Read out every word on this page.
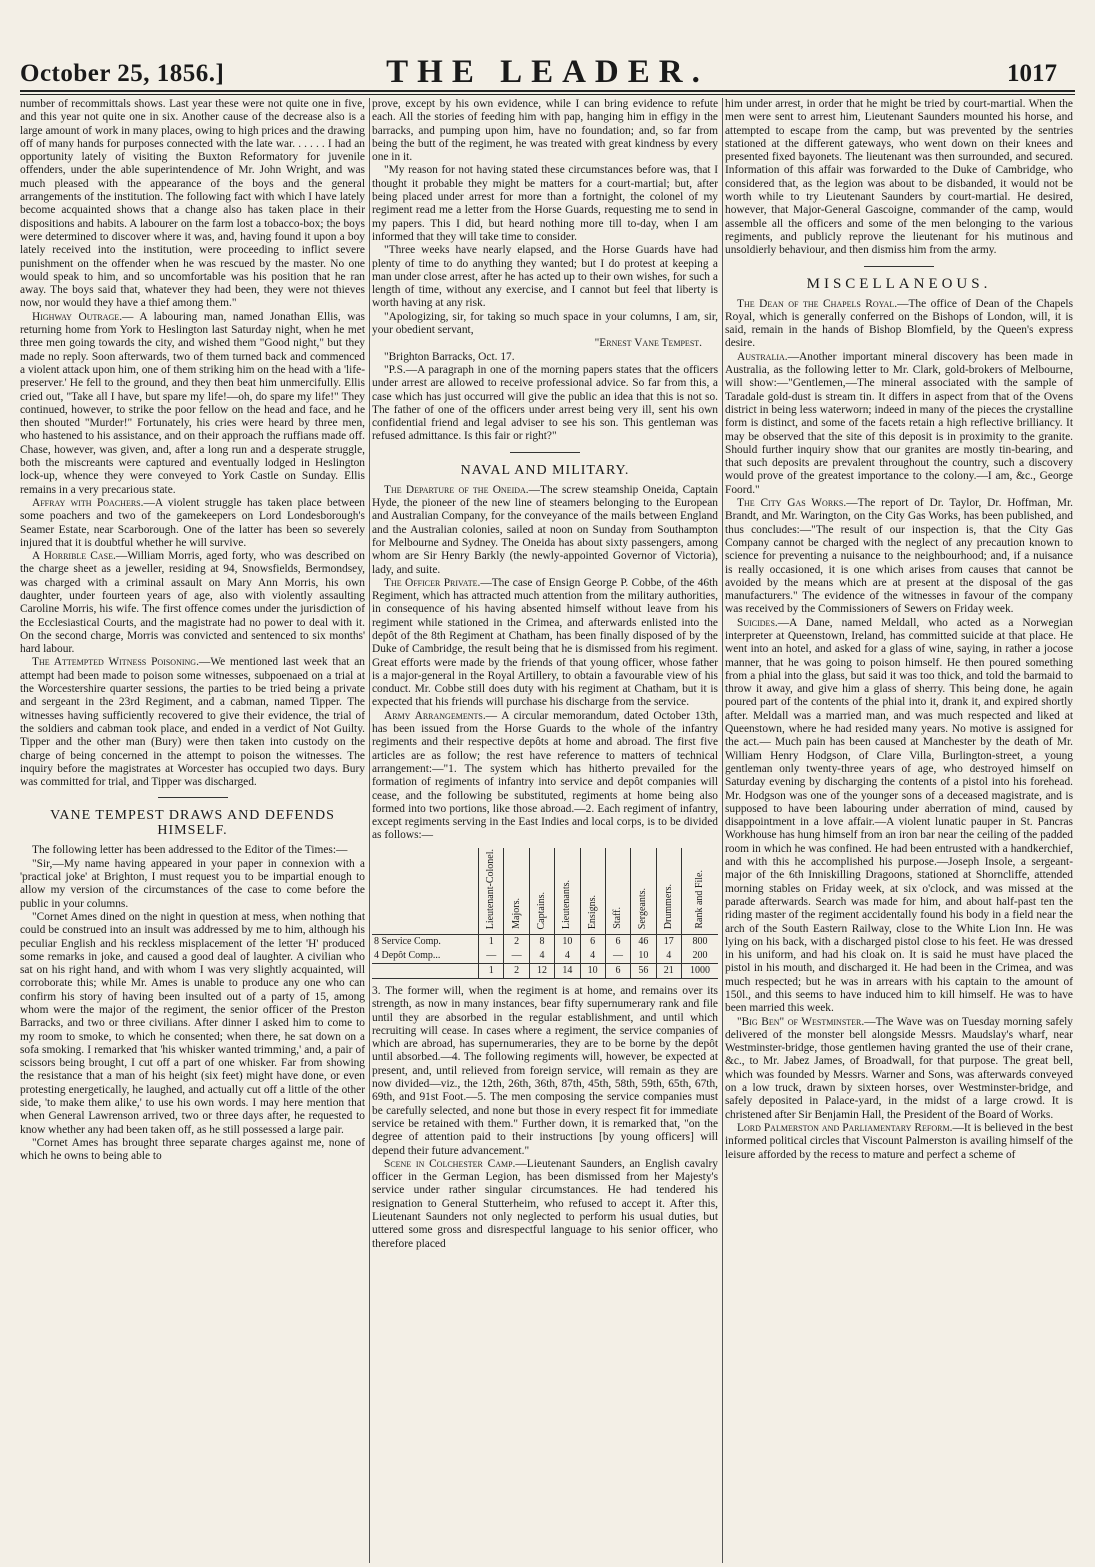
October 25, 1856.]	THE LEADER.	1017

number of recommittals shows. Last year these were not quite one in five, and this year not quite one in six. Another cause of the decrease also is a large amount of work in many places, owing to high prices and the drawing off of many hands for purposes connected with the late war. . . . . . I had an opportunity lately of visiting the Buxton Reformatory for juvenile offenders, under the able superintendence of Mr. John Wright, and was much pleased with the appearance of the boys and the general arrangements of the institution. The following fact with which I have lately become acquainted shows that a change also has taken place in their dispositions and habits. A labourer on the farm lost a tobacco-box; the boys were determined to discover where it was, and, having found it upon a boy lately received into the institution, were proceeding to inflict severe punishment on the offender when he was rescued by the master. No one would speak to him, and so uncomfortable was his position that he ran away. The boys said that, whatever they had been, they were not thieves now, nor would they have a thief among them."

Highway Outrage.— A labouring man, named Jonathan Ellis, was returning home from York to Heslington last Saturday night, when he met three men going towards the city, and wished them "Good night," but they made no reply. Soon afterwards, two of them turned back and commenced a violent attack upon him, one of them striking him on the head with a 'life-preserver.' He fell to the ground, and they then beat him unmercifully. Ellis cried out, "Take all I have, but spare my life!—oh, do spare my life!" They continued, however, to strike the poor fellow on the head and face, and he then shouted "Murder!" Fortunately, his cries were heard by three men, who hastened to his assistance, and on their approach the ruffians made off. Chase, however, was given, and, after a long run and a desperate struggle, both the miscreants were captured and eventually lodged in Heslington lock-up, whence they were conveyed to York Castle on Sunday. Ellis remains in a very precarious state.

Affray with Poachers.—A violent struggle has taken place between some poachers and two of the gamekeepers on Lord Londesborough's Seamer Estate, near Scarborough. One of the latter has been so severely injured that it is doubtful whether he will survive.

A Horrible Case.—William Morris, aged forty, who was described on the charge sheet as a jeweller, residing at 94, Snowsfields, Bermondsey, was charged with a criminal assault on Mary Ann Morris, his own daughter, under fourteen years of age, also with violently assaulting Caroline Morris, his wife. The first offence comes under the jurisdiction of the Ecclesiastical Courts, and the magistrate had no power to deal with it. On the second charge, Morris was convicted and sentenced to six months' hard labour.

The Attempted Witness Poisoning.—We mentioned last week that an attempt had been made to poison some witnesses, subpoenaed on a trial at the Worcestershire quarter sessions, the parties to be tried being a private and sergeant in the 23rd Regiment, and a cabman, named Tipper. The witnesses having sufficiently recovered to give their evidence, the trial of the soldiers and cabman took place, and ended in a verdict of Not Guilty. Tipper and the other man (Bury) were then taken into custody on the charge of being concerned in the attempt to poison the witnesses. The inquiry before the magistrates at Worcester has occupied two days. Bury was committed for trial, and Tipper was discharged.

VANE TEMPEST DRAWS AND DEFENDS HIMSELF.

The following letter has been addressed to the Editor of the Times:—

"Sir,—My name having appeared in your paper in connexion with a 'practical joke' at Brighton, I must request you to be impartial enough to allow my version of the circumstances of the case to come before the public in your columns.

"Cornet Ames dined on the night in question at mess, when nothing that could be construed into an insult was addressed by me to him, although his peculiar English and his reckless misplacement of the letter 'H' produced some remarks in joke, and caused a good deal of laughter. A civilian who sat on his right hand, and with whom I was very slightly acquainted, will corroborate this; while Mr. Ames is unable to produce any one who can confirm his story of having been insulted out of a party of 15, among whom were the major of the regiment, the senior officer of the Preston Barracks, and two or three civilians. After dinner I asked him to come to my room to smoke, to which he consented; when there, he sat down on a sofa smoking. I remarked that 'his whisker wanted trimming,' and, a pair of scissors being brought, I cut off a part of one whisker. Far from showing the resistance that a man of his height (six feet) might have done, or even protesting energetically, he laughed, and actually cut off a little of the other side, 'to make them alike,' to use his own words. I may here mention that when General Lawrenson arrived, two or three days after, he requested to know whether any had been taken off, as he still possessed a large pair.

"Cornet Ames has brought three separate charges against me, none of which he owns to being able to

prove, except by his own evidence, while I can bring evidence to refute each. All the stories of feeding him with pap, hanging him in effigy in the barracks, and pumping upon him, have no foundation; and, so far from being the butt of the regiment, he was treated with great kindness by every one in it.

"My reason for not having stated these circumstances before was, that I thought it probable they might be matters for a court-martial; but, after being placed under arrest for more than a fortnight, the colonel of my regiment read me a letter from the Horse Guards, requesting me to send in my papers. This I did, but heard nothing more till to-day, when I am informed that they will take time to consider.

"Three weeks have nearly elapsed, and the Horse Guards have had plenty of time to do anything they wanted; but I do protest at keeping a man under close arrest, after he has acted up to their own wishes, for such a length of time, without any exercise, and I cannot but feel that liberty is worth having at any risk.

"Apologizing, sir, for taking so much space in your columns, I am, sir, your obedient servant,

"Ernest Vane Tempest.

"Brighton Barracks, Oct. 17.

"P.S.—A paragraph in one of the morning papers states that the officers under arrest are allowed to receive professional advice. So far from this, a case which has just occurred will give the public an idea that this is not so. The father of one of the officers under arrest being very ill, sent his own confidential friend and legal adviser to see his son. This gentleman was refused admittance. Is this fair or right?"

NAVAL AND MILITARY.

The Departure of the Oneida.—The screw steamship Oneida, Captain Hyde, the pioneer of the new line of steamers belonging to the European and Australian Company, for the conveyance of the mails between England and the Australian colonies, sailed at noon on Sunday from Southampton for Melbourne and Sydney. The Oneida has about sixty passengers, among whom are Sir Henry Barkly (the newly-appointed Governor of Victoria), lady, and suite.

The Officer Private.—The case of Ensign George P. Cobbe, of the 46th Regiment, which has attracted much attention from the military authorities, in consequence of his having absented himself without leave from his regiment while stationed in the Crimea, and afterwards enlisted into the depôt of the 8th Regiment at Chatham, has been finally disposed of by the Duke of Cambridge, the result being that he is dismissed from his regiment. Great efforts were made by the friends of that young officer, whose father is a major-general in the Royal Artillery, to obtain a favourable view of his conduct. Mr. Cobbe still does duty with his regiment at Chatham, but it is expected that his friends will purchase his discharge from the service.

Army Arrangements.— A circular memorandum, dated October 13th, has been issued from the Horse Guards to the whole of the infantry regiments and their respective depôts at home and abroad. The first five articles are as follow; the rest have reference to matters of technical arrangement:—"1. The system which has hitherto prevailed for the formation of regiments of infantry into service and depôt companies will cease, and the following be substituted, regiments at home being also formed into two portions, like those abroad.—2. Each regiment of infantry, except regiments serving in the East Indies and local corps, is to be divided as follows:—

	Lieutenant-Colonel.	Majors.	Captains.	Lieutenants.	Ensigns.	Staff.	Sergeants.	Drummers.	Rank and File.
8 Service Comp.	1	2	8	10	6	6	46	17	800
4 Depôt Comp...	—	—	4	4	4	—	10	4	200
	1	2	12	14	10	6	56	21	1000

3. The former will, when the regiment is at home, and remains over its strength, as now in many instances, bear fifty supernumerary rank and file until they are absorbed in the regular establishment, and until which recruiting will cease. In cases where a regiment, the service companies of which are abroad, has supernumeraries, they are to be borne by the depôt until absorbed.—4. The following regiments will, however, be expected at present, and, until relieved from foreign service, will remain as they are now divided—viz., the 12th, 26th, 36th, 87th, 45th, 58th, 59th, 65th, 67th, 69th, and 91st Foot.—5. The men composing the service companies must be carefully selected, and none but those in every respect fit for immediate service be retained with them." Further down, it is remarked that, "on the degree of attention paid to their instructions [by young officers] will depend their future advancement."

Scene in Colchester Camp.—Lieutenant Saunders, an English cavalry officer in the German Legion, has been dismissed from her Majesty's service under rather singular circumstances. He had tendered his resignation to General Stutterheim, who refused to accept it. After this, Lieutenant Saunders not only neglected to perform his usual duties, but uttered some gross and disrespectful language to his senior officer, who therefore placed

him under arrest, in order that he might be tried by court-martial. When the men were sent to arrest him, Lieutenant Saunders mounted his horse, and attempted to escape from the camp, but was prevented by the sentries stationed at the different gateways, who went down on their knees and presented fixed bayonets. The lieutenant was then surrounded, and secured. Information of this affair was forwarded to the Duke of Cambridge, who considered that, as the legion was about to be disbanded, it would not be worth while to try Lieutenant Saunders by court-martial. He desired, however, that Major-General Gascoigne, commander of the camp, would assemble all the officers and some of the men belonging to the various regiments, and publicly reprove the lieutenant for his mutinous and unsoldierly behaviour, and then dismiss him from the army.

MISCELLANEOUS.

The Dean of the Chapels Royal.—The office of Dean of the Chapels Royal, which is generally conferred on the Bishops of London, will, it is said, remain in the hands of Bishop Blomfield, by the Queen's express desire.

Australia.—Another important mineral discovery has been made in Australia, as the following letter to Mr. Clark, gold-brokers of Melbourne, will show:—"Gentlemen,—The mineral associated with the sample of Taradale gold-dust is stream tin. It differs in aspect from that of the Ovens district in being less waterworn; indeed in many of the pieces the crystalline form is distinct, and some of the facets retain a high reflective brilliancy. It may be observed that the site of this deposit is in proximity to the granite. Should further inquiry show that our granites are mostly tin-bearing, and that such deposits are prevalent throughout the country, such a discovery would prove of the greatest importance to the colony.—I am, &c., George Foord."

The City Gas Works.—The report of Dr. Taylor, Dr. Hoffman, Mr. Brandt, and Mr. Warington, on the City Gas Works, has been published, and thus concludes:—"The result of our inspection is, that the City Gas Company cannot be charged with the neglect of any precaution known to science for preventing a nuisance to the neighbourhood; and, if a nuisance is really occasioned, it is one which arises from causes that cannot be avoided by the means which are at present at the disposal of the gas manufacturers." The evidence of the witnesses in favour of the company was received by the Commissioners of Sewers on Friday week.

Suicides.—A Dane, named Meldall, who acted as a Norwegian interpreter at Queenstown, Ireland, has committed suicide at that place. He went into an hotel, and asked for a glass of wine, saying, in rather a jocose manner, that he was going to poison himself. He then poured something from a phial into the glass, but said it was too thick, and told the barmaid to throw it away, and give him a glass of sherry. This being done, he again poured part of the contents of the phial into it, drank it, and expired shortly after. Meldall was a married man, and was much respected and liked at Queenstown, where he had resided many years. No motive is assigned for the act.— Much pain has been caused at Manchester by the death of Mr. William Henry Hodgson, of Clare Villa, Burlington-street, a young gentleman only twenty-three years of age, who destroyed himself on Saturday evening by discharging the contents of a pistol into his forehead. Mr. Hodgson was one of the younger sons of a deceased magistrate, and is supposed to have been labouring under aberration of mind, caused by disappointment in a love affair.—A violent lunatic pauper in St. Pancras Workhouse has hung himself from an iron bar near the ceiling of the padded room in which he was confined. He had been entrusted with a handkerchief, and with this he accomplished his purpose.—Joseph Insole, a sergeant-major of the 6th Inniskilling Dragoons, stationed at Shorncliffe, attended morning stables on Friday week, at six o'clock, and was missed at the parade afterwards. Search was made for him, and about half-past ten the riding master of the regiment accidentally found his body in a field near the arch of the South Eastern Railway, close to the White Lion Inn. He was lying on his back, with a discharged pistol close to his feet. He was dressed in his uniform, and had his cloak on. It is said he must have placed the pistol in his mouth, and discharged it. He had been in the Crimea, and was much respected; but he was in arrears with his captain to the amount of 150l., and this seems to have induced him to kill himself. He was to have been married this week.

"Big Ben" of Westminster.—The Wave was on Tuesday morning safely delivered of the monster bell alongside Messrs. Maudslay's wharf, near Westminster-bridge, those gentlemen having granted the use of their crane, &c., to Mr. Jabez James, of Broadwall, for that purpose. The great bell, which was founded by Messrs. Warner and Sons, was afterwards conveyed on a low truck, drawn by sixteen horses, over Westminster-bridge, and safely deposited in Palace-yard, in the midst of a large crowd. It is christened after Sir Benjamin Hall, the President of the Board of Works.

Lord Palmerston and Parliamentary Reform.—It is believed in the best informed political circles that Viscount Palmerston is availing himself of the leisure afforded by the recess to mature and perfect a scheme of
